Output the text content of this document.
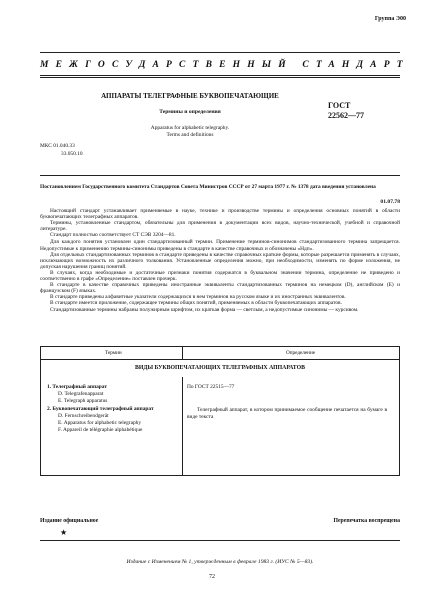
Группа Э00
МЕЖГОСУДАРСТВЕННЫЙ СТАНДАРТ
АППАРАТЫ ТЕЛЕГРАФНЫЕ БУКВОПЕЧАТАЮЩИЕ
Термины и определения
Apparatus for alphabetic telegraphy.
Terms and definitions
ГОСТ
22562—77
МКС 01.040.33
33.050.10
Постановлением Государственного комитета Стандартов Совета Министров СССР от 27 марта 1977 г. № 1378 дата введения установлена
01.07.78

Настоящий стандарт устанавливает применяемые в науке, технике и производстве термины и определения основных понятий в области буквопечатающих телеграфных аппаратов.

Термины, установленные стандартом, обязательны для применения в документации всех видов, научно-технической, учебной и справочной литературе.

Стандарт полностью соответствует СТ СЭВ 3204—81.

Для каждого понятия установлен один стандартизованный термин. Применение терминов-синонимов стандартизованного термина запрещается. Недопустимые к применению термины-синонимы приведены в стандарте в качестве справочных и обозначены «Ндп».

Для отдельных стандартизованных терминов в стандарте приведены в качестве справочных краткие формы, которые разрешается применять в случаях, исключающих возможность их различного толкования. Установленные определения можно, при необходимости, изменять по форме изложения, не допуская нарушения границ понятий.

В случаях, когда необходимые и достаточные признаки понятия содержатся в буквальном значении термина, определение не приведено и соответственно в графе «Определение» поставлен прочерк.

В стандарте в качестве справочных приведены иностранные эквиваленты стандартизованных терминов на немецком (D), английском (E) и французском (F) языках.

В стандарте приведены алфавитные указатели содержащихся в нем терминов на русском языке и их иностранных эквивалентов.

В стандарте имеется приложение, содержащее термины общих понятий, применяемых в области буквопечатающих аппаратов.

Стандартизованные термины набраны полужирным шрифтом, их краткая форма — светлым, а недопустимые синонимы — курсивом.

Термин	Определение
ВИДЫ БУКВОПЕЧАТАЮЩИХ ТЕЛЕГРАФНЫХ АППАРАТОВ
1. Телеграфный аппарат
D. Telegrafenapparat
E. Telegraph apparatus
По ГОСТ 22515—77
2. Буквопечатающий телеграфный аппарат
D. Fernschreibendgerät
E. Apparatus for alphabetic telegraphy
F. Appareil de télégraphie alphabétique
Телеграфный аппарат, в котором принимаемое сообщение печатается на бумаге в виде текста
Издание официальное	Перепечатка воспрещена
★
Издание с Изменением № 1, утвержденным в феврале 1983 г. (ИУС № 5—83).
72
